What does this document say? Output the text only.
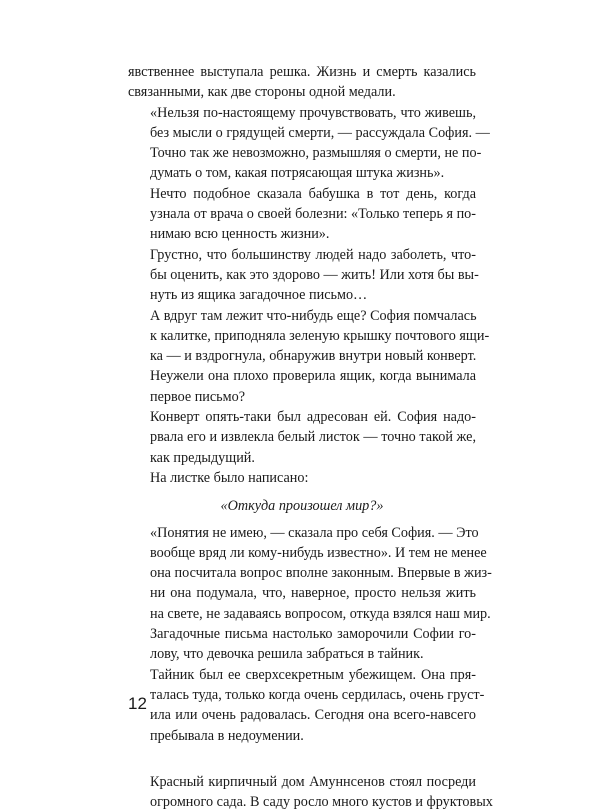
явственнее выступала решка. Жизнь и смерть казались
связанными, как две стороны одной медали.

«Нельзя по-настоящему прочувствовать, что живешь,
без мысли о грядущей смерти, — рассуждала София. —
Точно так же невозможно, размышляя о смерти, не по-
думать о том, какая потрясающая штука жизнь».

Нечто подобное сказала бабушка в тот день, когда
узнала от врача о своей болезни: «Только теперь я по-
нимаю всю ценность жизни».

Грустно, что большинству людей надо заболеть, что-
бы оценить, как это здорово — жить! Или хотя бы вы-
нуть из ящика загадочное письмо…

А вдруг там лежит что-нибудь еще? София помчалась
к калитке, приподняла зеленую крышку почтового ящи-
ка — и вздрогнула, обнаружив внутри новый конверт.
Неужели она плохо проверила ящик, когда вынимала
первое письмо?

Конверт опять-таки был адресован ей. София надо-
рвала его и извлекла белый листок — точно такой же,
как предыдущий.

На листке было написано:

«Откуда произошел мир?»

«Понятия не имею, — сказала про себя София. — Это
вообще вряд ли кому-нибудь известно». И тем не менее
она посчитала вопрос вполне законным. Впервые в жиз-
ни она подумала, что, наверное, просто нельзя жить
на свете, не задаваясь вопросом, откуда взялся наш мир.

Загадочные письма настолько заморочили Софии го-
лову, что девочка решила забраться в тайник.

Тайник был ее сверхсекретным убежищем. Она пря-
талась туда, только когда очень сердилась, очень груст-
ила или очень радовалась. Сегодня она всего-навсего
пребывала в недоумении.

Красный кирпичный дом Амуннсенов стоял посреди
огромного сада. В саду росло много кустов и фруктовых

12
